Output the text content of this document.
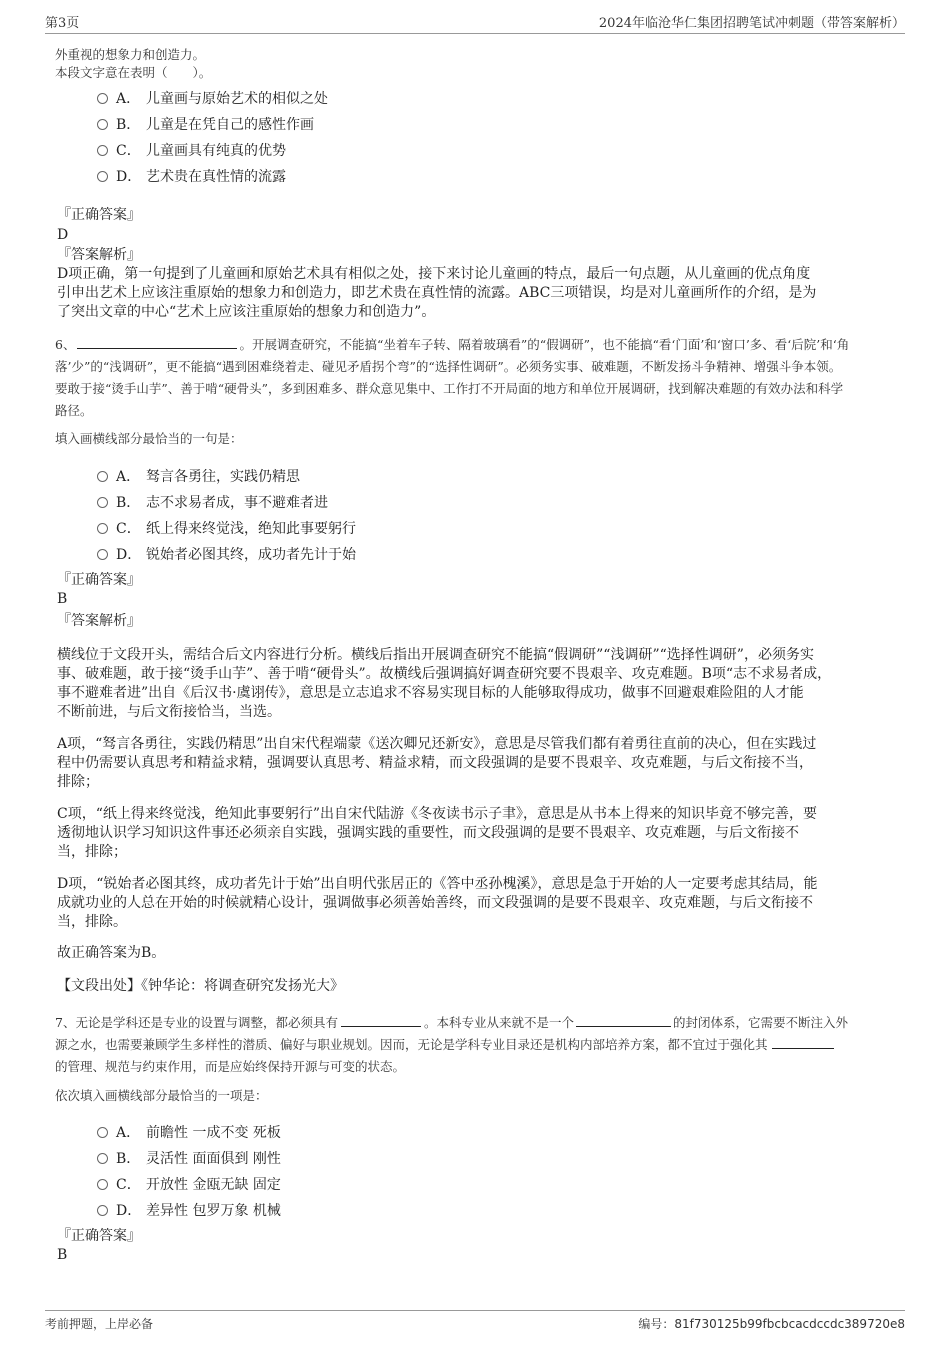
第3页	2024年临沧华仁集团招聘笔试冲刺题（带答案解析）
外重视的想象力和创造力。
本段文字意在表明（　　）。
A． 儿童画与原始艺术的相似之处
B． 儿童是在凭自己的感性作画
C． 儿童画具有纯真的优势
D． 艺术贵在真性情的流露
『正确答案』
D
『答案解析』
D项正确，第一句提到了儿童画和原始艺术具有相似之处，接下来讨论儿童画的特点，最后一句点题，从儿童画的优点角度
引申出艺术上应该注重原始的想象力和创造力，即艺术贵在真性情的流露。ABC三项错误，均是对儿童画所作的介绍，是为
了突出文章的中心“艺术上应该注重原始的想象力和创造力”。
6、	。开展调查研究，不能搞“坐着车子转、隔着玻璃看”的“假调研”，也不能搞“看‘门面’和‘窗口’多、看‘后院’和‘角
落’少”的“浅调研”，更不能搞“遇到困难绕着走、碰见矛盾拐个弯”的“选择性调研”。必须务实事、破难题，不断发扬斗争精神、增强斗争本领。
要敢于接“烫手山芋”、善于啃“硬骨头”，多到困难多、群众意见集中、工作打不开局面的地方和单位开展调研，找到解决难题的有效办法和科学
路径。
填入画横线部分最恰当的一句是：
A． 驽言各勇往，实践仍精思
B． 志不求易者成，事不避难者进
C． 纸上得来终觉浅，绝知此事要躬行
D． 锐始者必图其终，成功者先计于始
『正确答案』
B
『答案解析』
横线位于文段开头，需结合后文内容进行分析。横线后指出开展调查研究不能搞“假调研”“浅调研”“选择性调研”，必须务实
事、破难题，敢于接“烫手山芋”、善于啃“硬骨头”。故横线后强调搞好调查研究要不畏艰辛、攻克难题。B项“志不求易者成，
事不避难者进”出自《后汉书·虞诩传》，意思是立志追求不容易实现目标的人能够取得成功，做事不回避艰难险阻的人才能
不断前进，与后文衔接恰当，当选。
A项，“驽言各勇往，实践仍精思”出自宋代程端蒙《送次卿兄还新安》，意思是尽管我们都有着勇往直前的决心，但在实践过
程中仍需要认真思考和精益求精，强调要认真思考、精益求精，而文段强调的是要不畏艰辛、攻克难题，与后文衔接不当，
排除；
C项，“纸上得来终觉浅，绝知此事要躬行”出自宋代陆游《冬夜读书示子聿》，意思是从书本上得来的知识毕竟不够完善，要
透彻地认识学习知识这件事还必须亲自实践，强调实践的重要性，而文段强调的是要不畏艰辛、攻克难题，与后文衔接不
当，排除；
D项，“锐始者必图其终，成功者先计于始”出自明代张居正的《答中丞孙槐溪》，意思是急于开始的人一定要考虑其结局，能
成就功业的人总在开始的时候就精心设计，强调做事必须善始善终，而文段强调的是要不畏艰辛、攻克难题，与后文衔接不
当，排除。
故正确答案为B。
【文段出处】《钟华论：将调查研究发扬光大》
7、无论是学科还是专业的设置与调整，都必须具有	。本科专业从来就不是一个	的封闭体系，它需要不断注入外
源之水，也需要兼顾学生多样性的潜质、偏好与职业规划。因而，无论是学科专业目录还是机构内部培养方案，都不宜过于强化其
的管理、规范与约束作用，而是应始终保持开源与可变的状态。
依次填入画横线部分最恰当的一项是：
A． 前瞻性 一成不变 死板
B． 灵活性 面面俱到 刚性
C． 开放性 金瓯无缺 固定
D． 差异性 包罗万象 机械
『正确答案』
B
考前押题，上岸必备	编号：81f730125b99fbcbcacdccdc389720e8
